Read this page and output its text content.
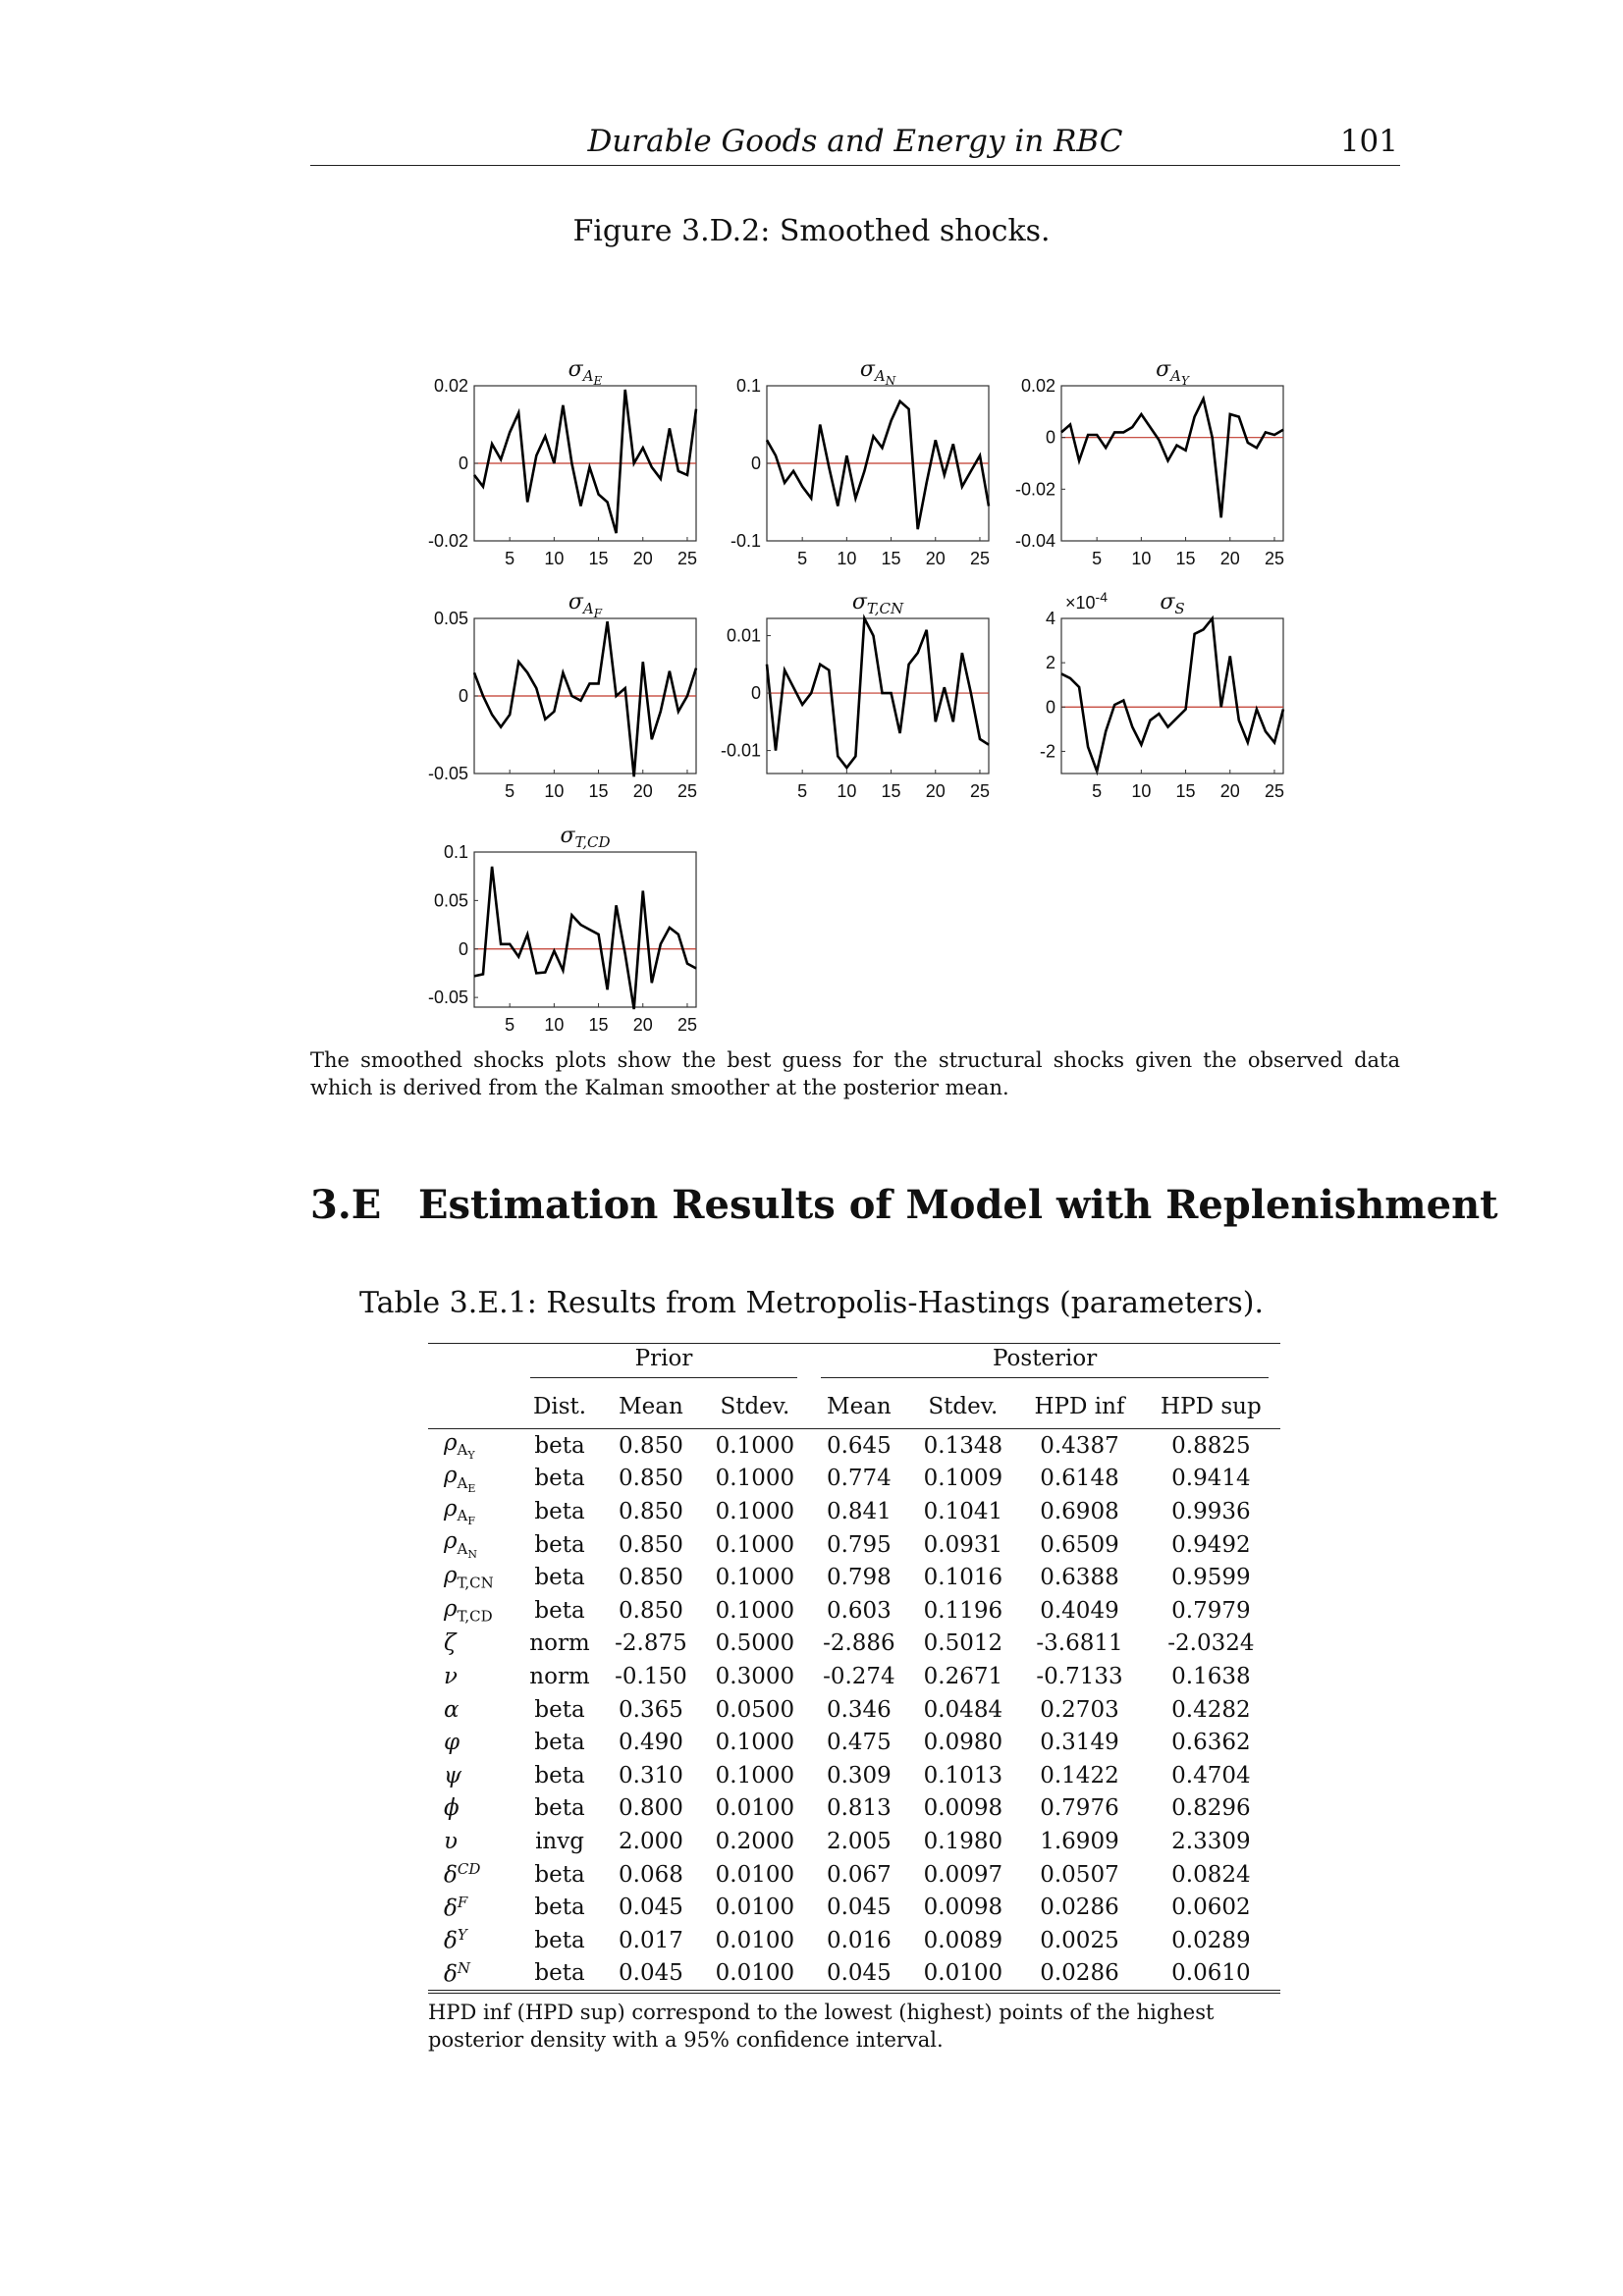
Durable Goods and Energy in RBC	101
Figure 3.D.2: Smoothed shocks.
0.02
0
-0.02
5 10 15 20 25
$\sigma_AE$	0.1
0
-0.1
5 10 15 20 25
$\sigma_AN$	0.02
0
-0.02
-0.04
5 10 15 20 25
$\sigma_AY$
0.05
0
-0.05
5 10 15 20 25
$\sigma_AF$
0.01
0
-0.01
5 10 15 20 25
$\sigma_{T,CN}$	4
2
0
-2
5 10 15 20 25
$\sigma_S$
$\times 10^{-4}$
0.1
0.05
0
-0.05
5 10 15 20 25
$\sigma_{T,CD}$
The smoothed shocks plots show the best guess for the structural shocks given the observed data which is derived from the Kalman smoother at the posterior mean.
3.E Estimation Results of Model with Replenishment
Table 3.E.1: Results from Metropolis-Hastings (parameters).

	Prior			Posterior			

	Dist.	Mean	Stdev.	Mean	Stdev.	HPD inf	HPD sup
$\rho_{A_Y}$	beta	0.850	0.1000	0.645	0.1348	0.4387	0.8825
$\rho_{A_E}$	beta	0.850	0.1000	0.774	0.1009	0.6148	0.9414
$\rho_{A_F}$	beta	0.850	0.1000	0.841	0.1041	0.6908	0.9936
$\rho_{A_N}$	beta	0.850	0.1000	0.795	0.0931	0.6509	0.9492
$\rho_{T,CN}$	beta	0.850	0.1000	0.798	0.1016	0.6388	0.9599
$\rho_{T,CD}$	beta	0.850	0.1000	0.603	0.1196	0.4049	0.7979
ζ	norm	-2.875	0.5000	-2.886	0.5012	-3.6811	-2.0324
ν	norm	-0.150	0.3000	-0.274	0.2671	-0.7133	0.1638
α	beta	0.365	0.0500	0.346	0.0484	0.2703	0.4282
φ	beta	0.490	0.1000	0.475	0.0980	0.3149	0.6362
ψ	beta	0.310	0.1000	0.309	0.1013	0.1422	0.4704
ϕ	beta	0.800	0.0100	0.813	0.0098	0.7976	0.8296
υ	invg	2.000	0.2000	2.005	0.1980	1.6909	2.3309
$\delta^{CD}$	beta	0.068	0.0100	0.067	0.0097	0.0507	0.0824
$\delta^F$	beta	0.045	0.0100	0.045	0.0098	0.0286	0.0602
$\delta^Y$	beta	0.017	0.0100	0.016	0.0089	0.0025	0.0289
$\delta^N$	beta	0.045	0.0100	0.045	0.0100	0.0286	0.0610
HPD inf (HPD sup) correspond to the lowest (highest) points of the highest posterior density with a 95% confidence interval.
